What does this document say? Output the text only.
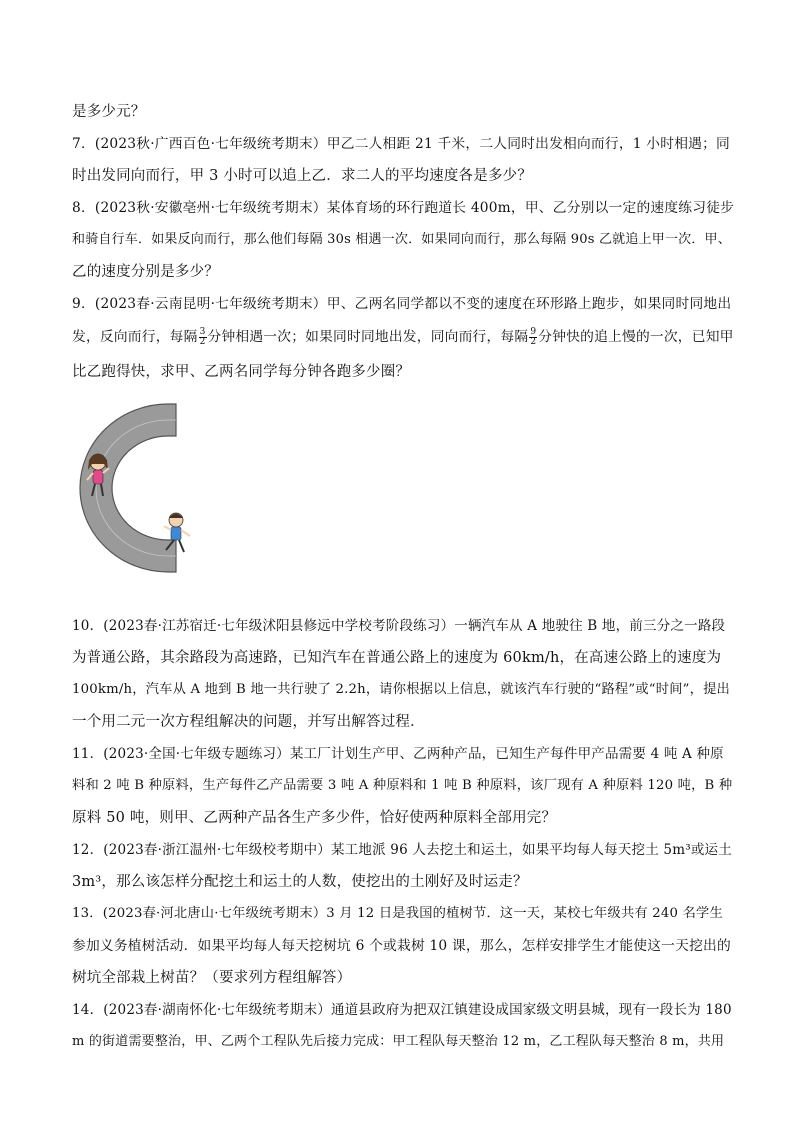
是多少元？
7．(2023秋·广西百色·七年级统考期末）甲乙二人相距 21 千米，二人同时出发相向而行，1 小时相遇；同
时出发同向而行，甲 3 小时可以追上乙．求二人的平均速度各是多少？
8．(2023秋·安徽亳州·七年级统考期末）某体育场的环行跑道长 400m，甲、乙分别以一定的速度练习徒步
和骑自行车．如果反向而行，那么他们每隔 30s 相遇一次．如果同向而行，那么每隔 90s 乙就追上甲一次．甲、
乙的速度分别是多少？
9．(2023春·云南昆明·七年级统考期末）甲、乙两名同学都以不变的速度在环形路上跑步，如果同时同地出
发，反向而行，每隔 $\frac{3}{2}$ 分钟相遇一次；如果同时同地出发，同向而行，每隔 $\frac{9}{2}$ 分钟快的追上慢的一次，已知甲
比乙跑得快，求甲、乙两名同学每分钟各跑多少圈？
10．(2023春·江苏宿迁·七年级沭阳县修远中学校考阶段练习）一辆汽车从 A 地驶往 B 地，前三分之一路段
为普通公路，其余路段为高速路，已知汽车在普通公路上的速度为 60km/h，在高速公路上的速度为
100km/h，汽车从 A 地到 B 地一共行驶了 2.2h，请你根据以上信息，就该汽车行驶的“路程”或“时间”，提出
一个用二元一次方程组解决的问题，并写出解答过程．
11．(2023·全国·七年级专题练习）某工厂计划生产甲、乙两种产品，已知生产每件甲产品需要 4 吨 A 种原
料和 2 吨 B 种原料，生产每件乙产品需要 3 吨 A 种原料和 1 吨 B 种原料，该厂现有 A 种原料 120 吨，B 种
原料 50 吨，则甲、乙两种产品各生产多少件，恰好使两种原料全部用完？
12．(2023春·浙江温州·七年级校考期中）某工地派 96 人去挖土和运土，如果平均每人每天挖土 5m³或运土
3m³，那么该怎样分配挖土和运土的人数，使挖出的土刚好及时运走？
13．(2023春·河北唐山·七年级统考期末）3 月 12 日是我国的植树节．这一天，某校七年级共有 240 名学生
参加义务植树活动．如果平均每人每天挖树坑 6 个或栽树 10 课，那么，怎样安排学生才能使这一天挖出的
树坑全部栽上树苗？（要求列方程组解答）
14．(2023春·湖南怀化·七年级统考期末）通道县政府为把双江镇建设成国家级文明县城，现有一段长为 180
m 的街道需要整治，甲、乙两个工程队先后接力完成：甲工程队每天整治 12 m，乙工程队每天整治 8 m，共用
